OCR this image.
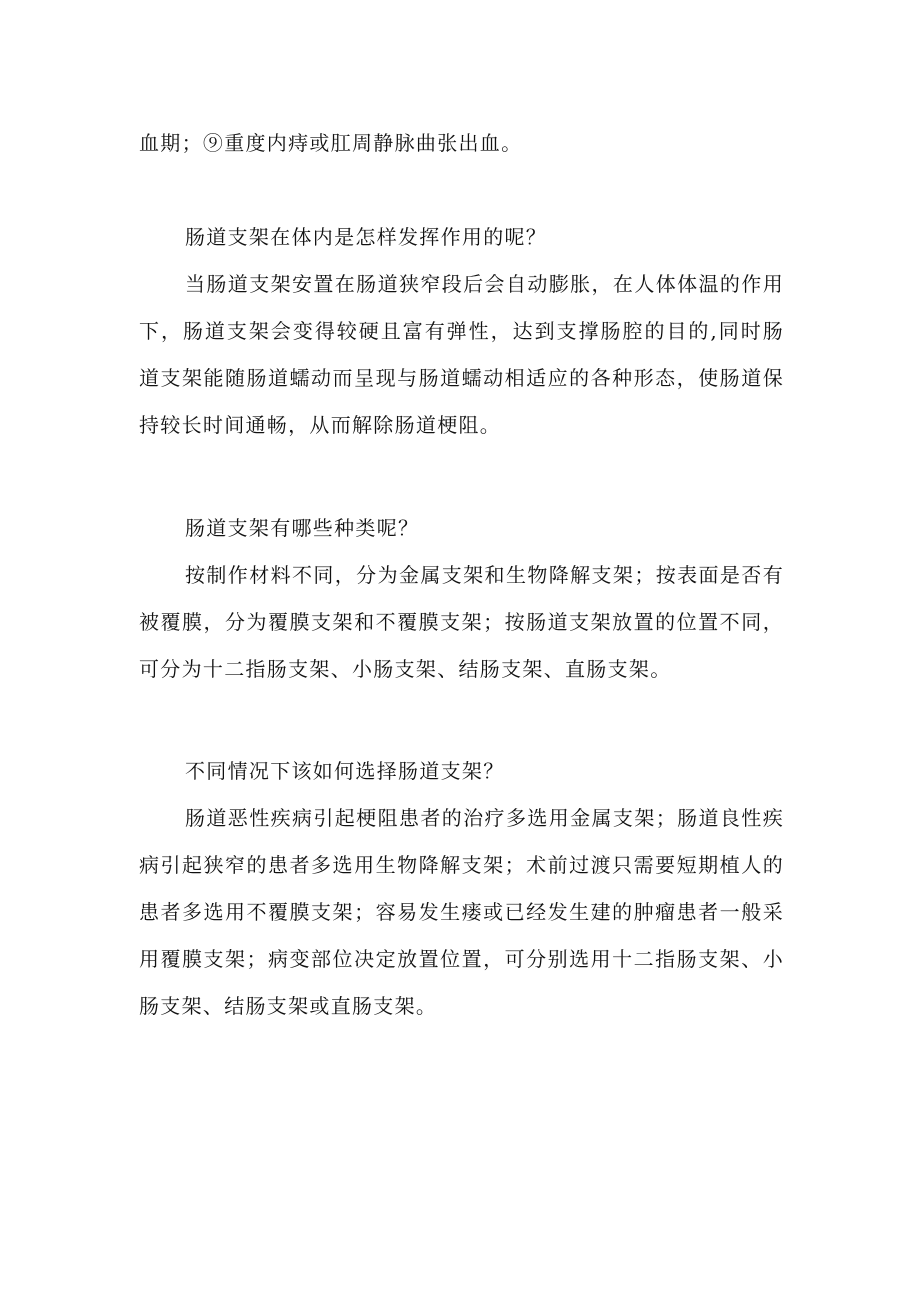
血期；⑨重度内痔或肛周静脉曲张出血。

肠道支架在体内是怎样发挥作用的呢？

当肠道支架安置在肠道狭窄段后会自动膨胀，在人体体温的作用下，肠道支架会变得较硬且富有弹性，达到支撑肠腔的目的,同时肠道支架能随肠道蠕动而呈现与肠道蠕动相适应的各种形态，使肠道保持较长时间通畅，从而解除肠道梗阻。

肠道支架有哪些种类呢？

按制作材料不同，分为金属支架和生物降解支架；按表面是否有被覆膜，分为覆膜支架和不覆膜支架；按肠道支架放置的位置不同，可分为十二指肠支架、小肠支架、结肠支架、直肠支架。

不同情况下该如何选择肠道支架？

肠道恶性疾病引起梗阻患者的治疗多选用金属支架；肠道良性疾病引起狭窄的患者多选用生物降解支架；术前过渡只需要短期植人的患者多选用不覆膜支架；容易发生瘘或已经发生建的肿瘤患者一般采用覆膜支架；病变部位决定放置位置，可分别选用十二指肠支架、小肠支架、结肠支架或直肠支架。
